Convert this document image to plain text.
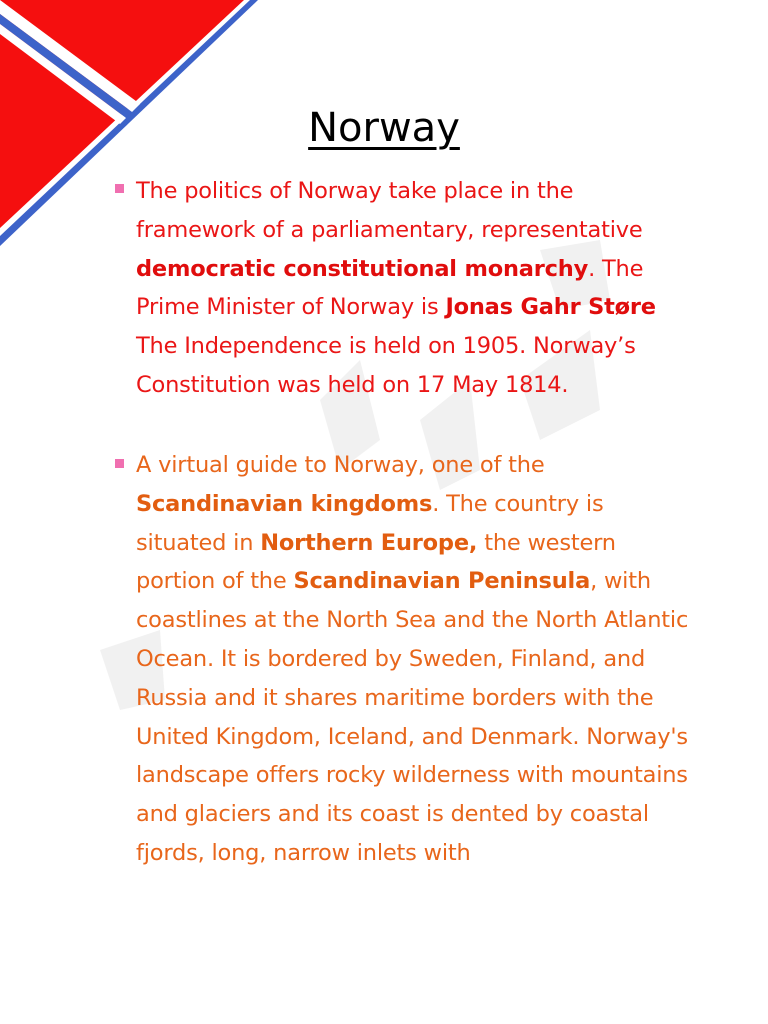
Norway

The politics of Norway take place in the framework of a parliamentary, representative democratic constitutional monarchy. The Prime Minister of Norway is Jonas Gahr Støre The Independence is held on 1905. Norway’s Constitution was held on 17 May 1814.

A virtual guide to Norway, one of the Scandinavian kingdoms. The country is situated in Northern Europe, the western portion of the Scandinavian Peninsula, with coastlines at the North Sea and the North Atlantic Ocean. It is bordered by Sweden, Finland, and Russia and it shares maritime borders with the United Kingdom, Iceland, and Denmark. Norway's landscape offers rocky wilderness with mountains and glaciers and its coast is dented by coastal fjords, long, narrow inlets with
